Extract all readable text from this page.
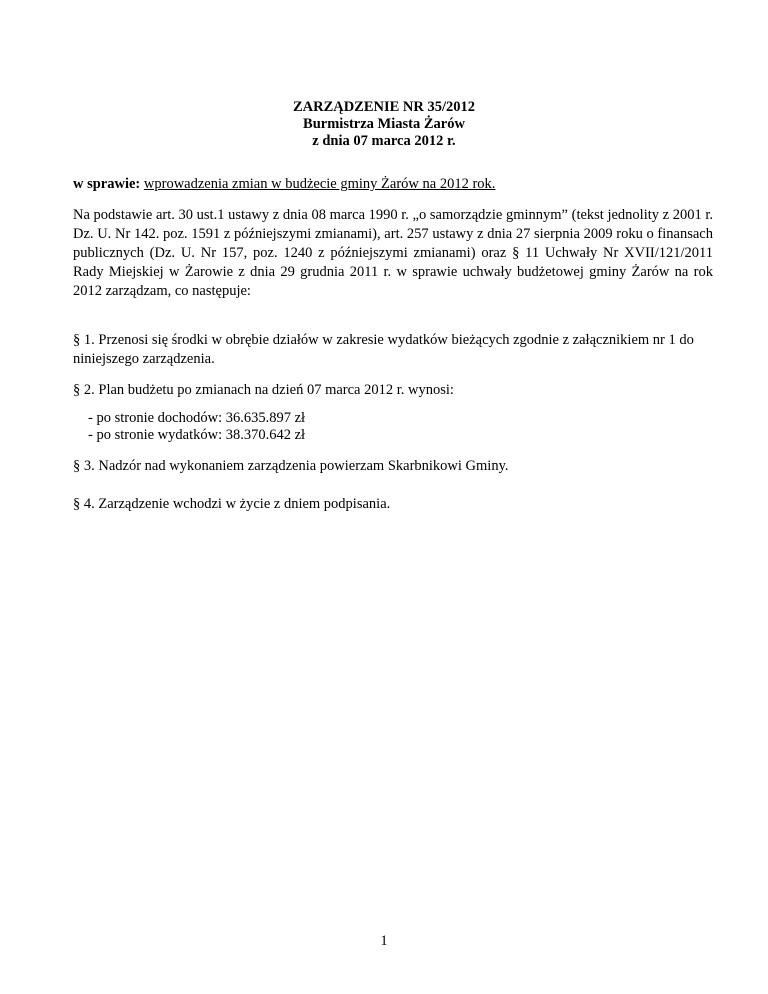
ZARZĄDZENIE NR 35/2012
Burmistrza Miasta Żarów
z dnia 07 marca 2012 r.
w sprawie: wprowadzenia zmian w budżecie gminy Żarów na 2012 rok.
Na podstawie art. 30 ust.1 ustawy z dnia 08 marca 1990 r. „o samorządzie gminnym” (tekst jednolity z 2001 r. Dz. U. Nr 142. poz. 1591 z późniejszymi zmianami), art. 257 ustawy z dnia 27 sierpnia 2009 roku o finansach publicznych (Dz. U. Nr 157, poz. 1240 z późniejszymi zmianami) oraz § 11 Uchwały Nr XVII/121/2011 Rady Miejskiej w Żarowie z dnia 29 grudnia 2011 r. w sprawie uchwały budżetowej gminy Żarów na rok 2012 zarządzam, co następuje:
§ 1. Przenosi się środki w obrębie działów w zakresie wydatków bieżących zgodnie z załącznikiem nr 1 do niniejszego zarządzenia.
§ 2. Plan budżetu po zmianach na dzień 07 marca 2012 r. wynosi:
- po stronie dochodów: 36.635.897 zł
- po stronie wydatków: 38.370.642 zł
§ 3. Nadzór nad wykonaniem zarządzenia powierzam Skarbnikowi Gminy.
§ 4. Zarządzenie wchodzi w życie z dniem podpisania.
1
